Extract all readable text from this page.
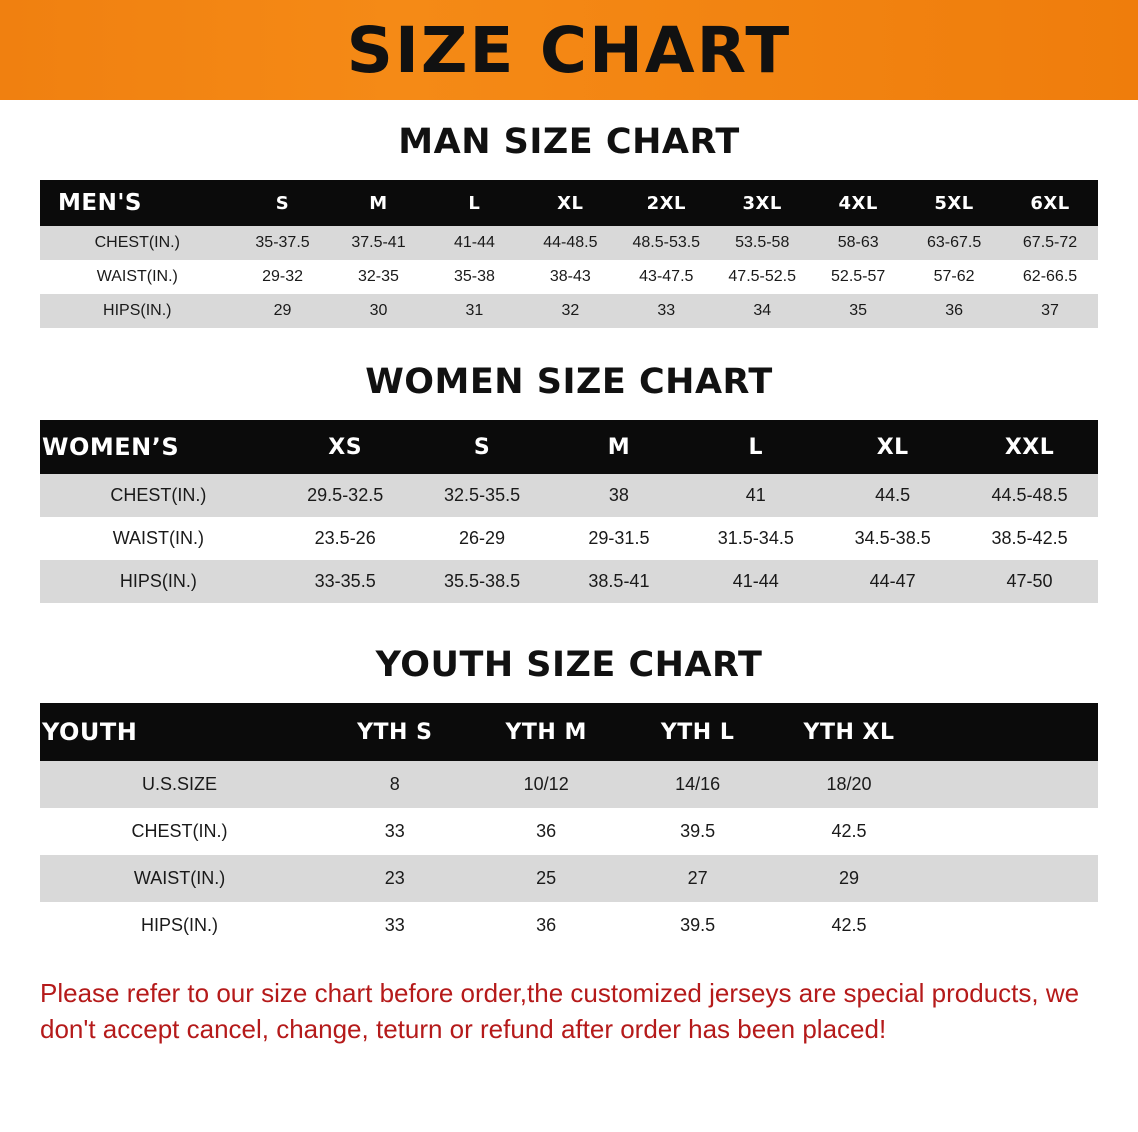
SIZE CHART
MAN SIZE CHART
MEN'S	S	M	L	XL	2XL	3XL	4XL	5XL	6XL
CHEST(IN.)	35-37.5	37.5-41	41-44	44-48.5	48.5-53.5	53.5-58	58-63	63-67.5	67.5-72
WAIST(IN.)	29-32	32-35	35-38	38-43	43-47.5	47.5-52.5	52.5-57	57-62	62-66.5
HIPS(IN.)	29	30	31	32	33	34	35	36	37
WOMEN SIZE CHART
WOMEN’S	XS	S	M	L	XL	XXL
CHEST(IN.)	29.5-32.5	32.5-35.5	38	41	44.5	44.5-48.5
WAIST(IN.)	23.5-26	26-29	29-31.5	31.5-34.5	34.5-38.5	38.5-42.5
HIPS(IN.)	33-35.5	35.5-38.5	38.5-41	41-44	44-47	47-50
YOUTH SIZE CHART
YOUTH	YTH S	YTH M	YTH L	YTH XL	
U.S.SIZE	8	10/12	14/16	18/20	
CHEST(IN.)	33	36	39.5	42.5	
WAIST(IN.)	23	25	27	29	
HIPS(IN.)	33	36	39.5	42.5	
Please refer to our size chart before order,the customized jerseys are special products, we don't accept cancel, change, teturn or refund after order has been placed!
